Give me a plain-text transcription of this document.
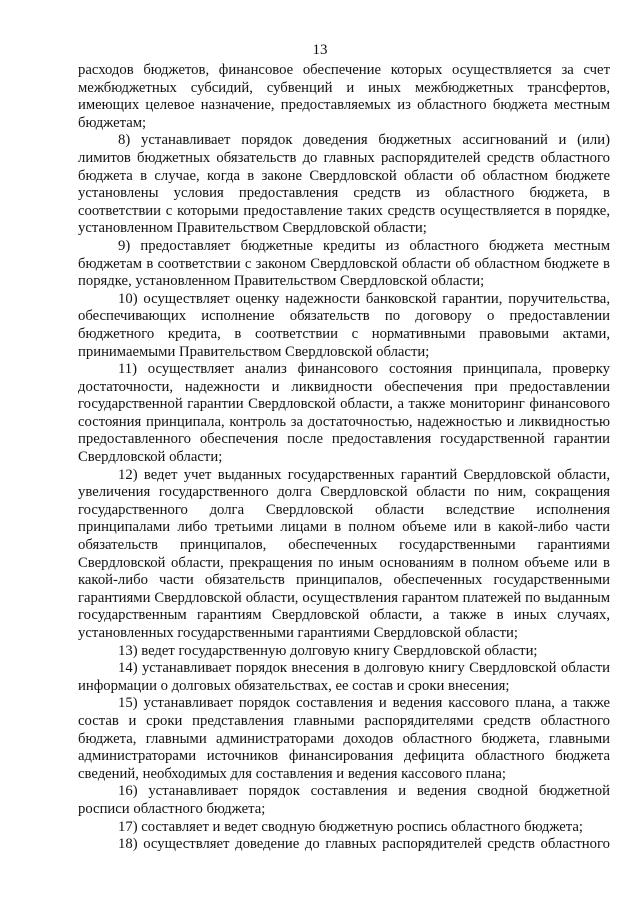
13

расходов бюджетов, финансовое обеспечение которых осуществляется за счет межбюджетных субсидий, субвенций и иных межбюджетных трансфертов, имеющих целевое назначение, предоставляемых из областного бюджета местным бюджетам;

8) устанавливает порядок доведения бюджетных ассигнований и (или) лимитов бюджетных обязательств до главных распорядителей средств областного бюджета в случае, когда в законе Свердловской области об областном бюджете установлены условия предоставления средств из областного бюджета, в соответствии с которыми предоставление таких средств осуществляется в порядке, установленном Правительством Свердловской области;

9) предоставляет бюджетные кредиты из областного бюджета местным бюджетам в соответствии с законом Свердловской области об областном бюджете в порядке, установленном Правительством Свердловской области;

10) осуществляет оценку надежности банковской гарантии, поручительства, обеспечивающих исполнение обязательств по договору о предоставлении бюджетного кредита, в соответствии с нормативными правовыми актами, принимаемыми Правительством Свердловской области;

11) осуществляет анализ финансового состояния принципала, проверку достаточности, надежности и ликвидности обеспечения при предоставлении государственной гарантии Свердловской области, а также мониторинг финансового состояния принципала, контроль за достаточностью, надежностью и ликвидностью предоставленного обеспечения после предоставления государственной гарантии Свердловской области;

12) ведет учет выданных государственных гарантий Свердловской области, увеличения государственного долга Свердловской области по ним, сокращения государственного долга Свердловской области вследствие исполнения принципалами либо третьими лицами в полном объеме или в какой-либо части обязательств принципалов, обеспеченных государственными гарантиями Свердловской области, прекращения по иным основаниям в полном объеме или в какой-либо части обязательств принципалов, обеспеченных государственными гарантиями Свердловской области, осуществления гарантом платежей по выданным государственным гарантиям Свердловской области, а также в иных случаях, установленных государственными гарантиями Свердловской области;

13) ведет государственную долговую книгу Свердловской области;

14) устанавливает порядок внесения в долговую книгу Свердловской области информации о долговых обязательствах, ее состав и сроки внесения;

15) устанавливает порядок составления и ведения кассового плана, а также состав и сроки представления главными распорядителями средств областного бюджета, главными администраторами доходов областного бюджета, главными администраторами источников финансирования дефицита областного бюджета сведений, необходимых для составления и ведения кассового плана;

16) устанавливает порядок составления и ведения сводной бюджетной росписи областного бюджета;

17) составляет и ведет сводную бюджетную роспись областного бюджета;

18) осуществляет доведение до главных распорядителей средств областного
